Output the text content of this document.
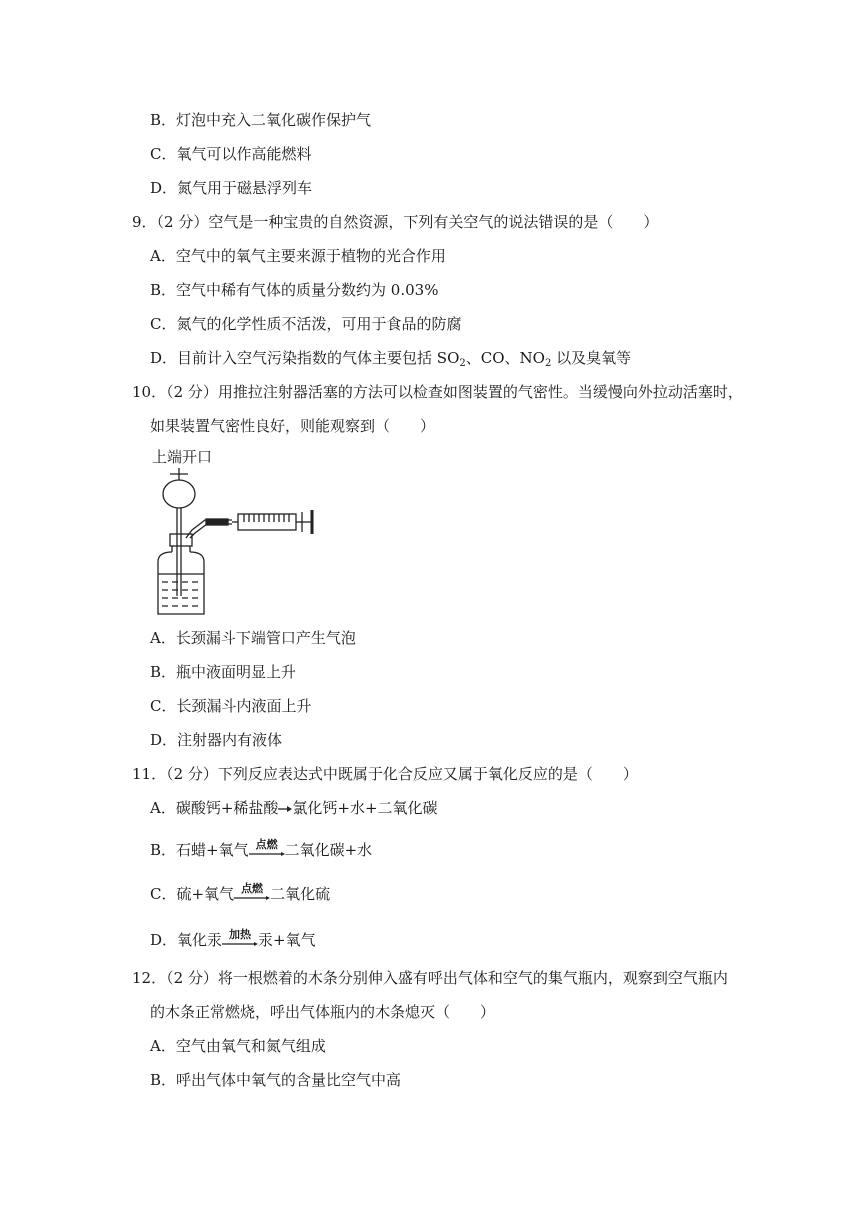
B．灯泡中充入二氧化碳作保护气
C．氧气可以作高能燃料
D．氮气用于磁悬浮列车
9．（2 分）空气是一种宝贵的自然资源，下列有关空气的说法错误的是（　　）
A．空气中的氧气主要来源于植物的光合作用
B．空气中稀有气体的质量分数约为 0.03%
C．氮气的化学性质不活泼，可用于食品的防腐
D．目前计入空气污染指数的气体主要包括 $SO_2$、CO、$NO_2$ 以及臭氧等
10．（2 分）用推拉注射器活塞的方法可以检查如图装置的气密性。当缓慢向外拉动活塞时，
如果装置气密性良好，则能观察到（　　）
上端开口
A．长颈漏斗下端管口产生气泡
B．瓶中液面明显上升
C．长颈漏斗内液面上升
D．注射器内有液体
11．（2 分）下列反应表达式中既属于化合反应又属于氧化反应的是（　　）
A．碳酸钙+稀盐酸 氯化钙+水+二氧化碳
B．石蜡+氧气 点燃 二氧化碳+水
C．硫+氧气 点燃 二氧化硫
D．氧化汞 加热 汞+氧气
12．（2 分）将一根燃着的木条分别伸入盛有呼出气体和空气的集气瓶内，观察到空气瓶内
的木条正常燃烧，呼出气体瓶内的木条熄灭（　　）
A．空气由氧气和氮气组成
B．呼出气体中氧气的含量比空气中高
